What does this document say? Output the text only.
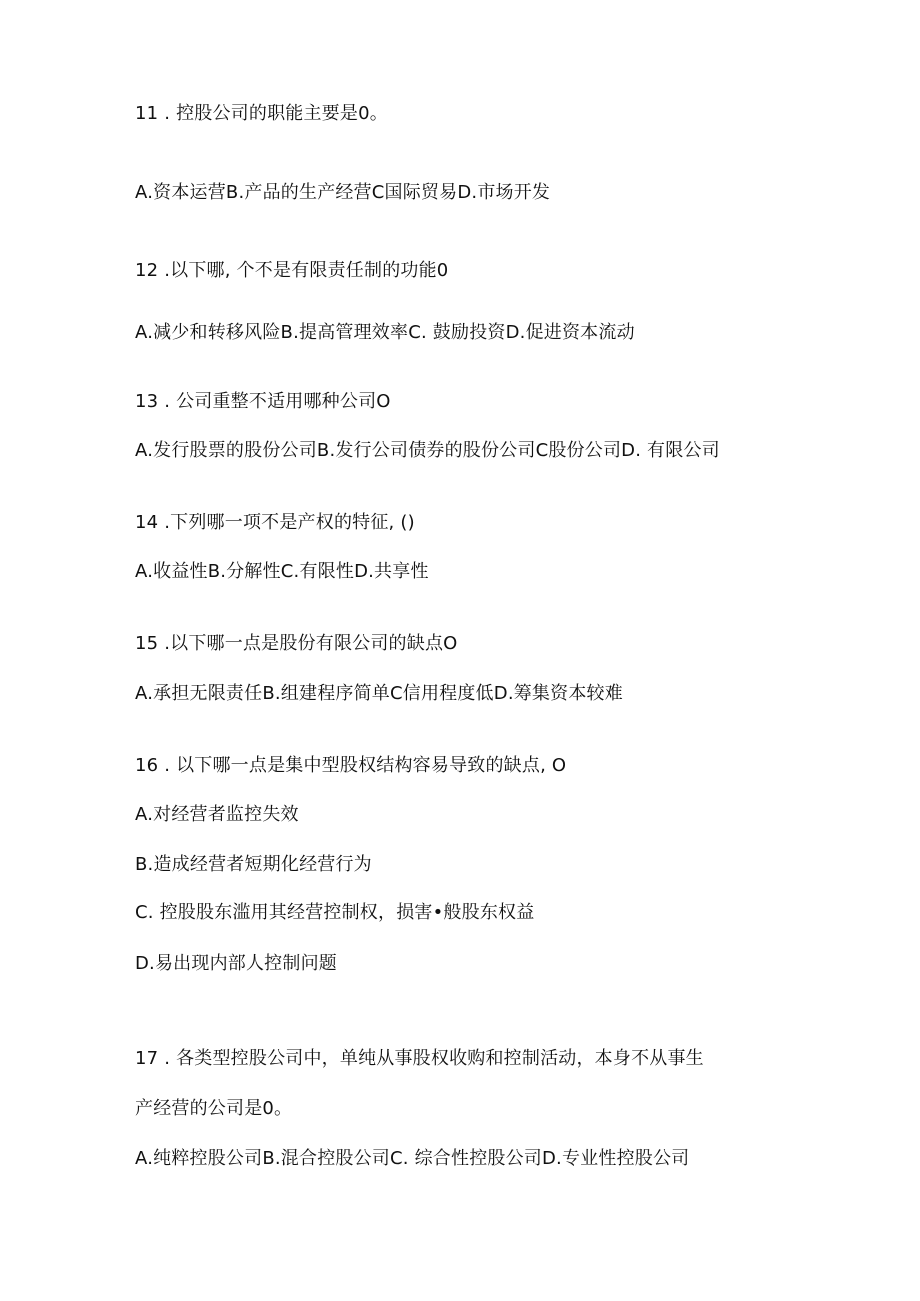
11 . 控股公司的职能主要是0。
A.资本运营B.产品的生产经营C国际贸易D.市场开发
12 .以下哪, 个不是有限责任制的功能0
A.减少和转移风险B.提高管理效率C. 鼓励投资D.促进资本流动
13 . 公司重整不适用哪种公司O
A.发行股票的股份公司B.发行公司债券的股份公司C股份公司D. 有限公司
14 .下列哪一项不是产权的特征, ()
A.收益性B.分解性C.有限性D.共享性
15 .以下哪一点是股份有限公司的缺点O
A.承担无限责任B.组建程序简单C信用程度低D.筹集资本较难
16 . 以下哪一点是集中型股权结构容易导致的缺点, O
A.对经营者监控失效
B.造成经营者短期化经营行为
C. 控股股东滥用其经营控制权，损害•般股东权益
D.易出现内部人控制问题
17 . 各类型控股公司中，单纯从事股权收购和控制活动，本身不从事生
产经营的公司是0。
A.纯粹控股公司B.混合控股公司C. 综合性控股公司D.专业性控股公司
